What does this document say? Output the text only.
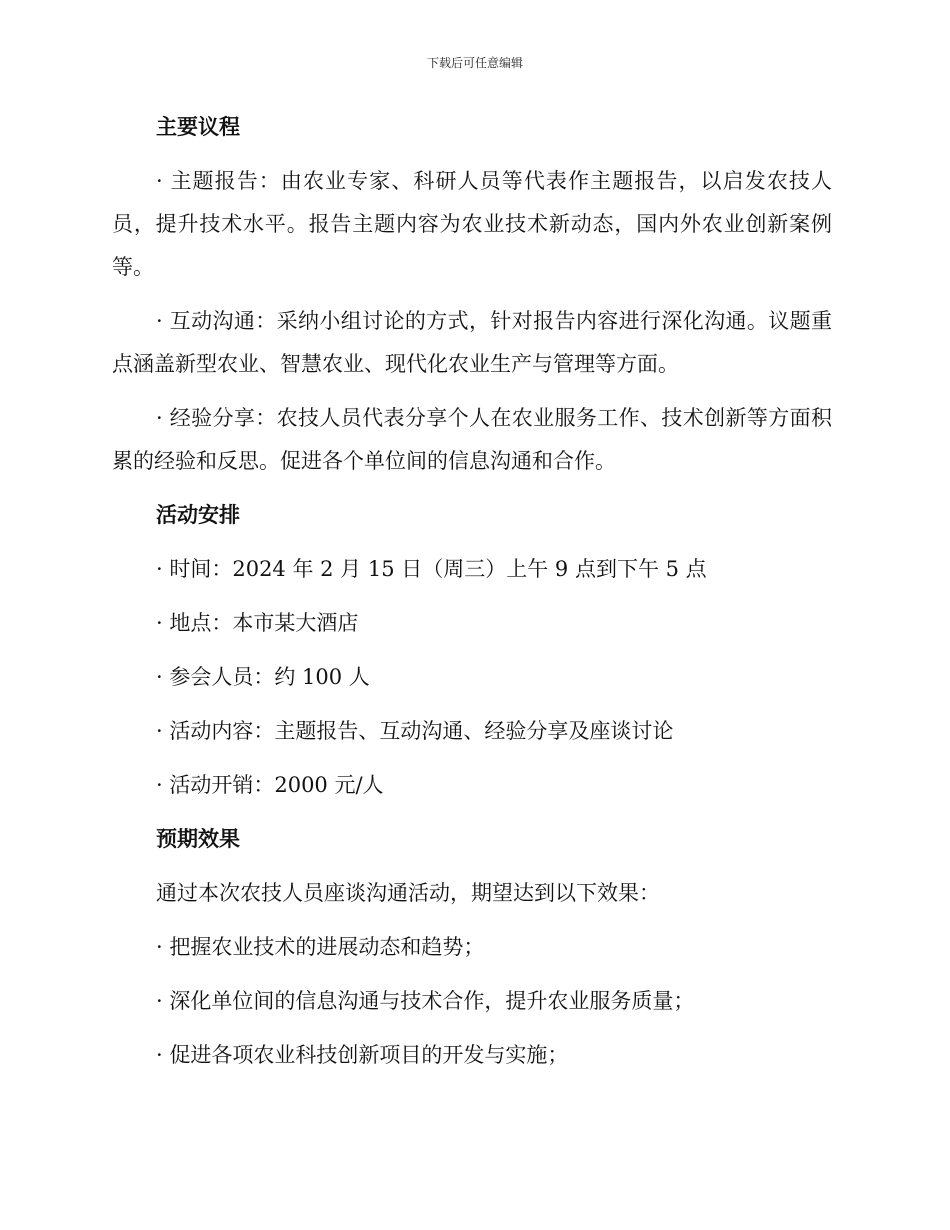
下载后可任意编辑
主要议程

· 主题报告：由农业专家、科研人员等代表作主题报告，以启发农技人员，提升技术水平。报告主题内容为农业技术新动态，国内外农业创新案例等。

· 互动沟通：采纳小组讨论的方式，针对报告内容进行深化沟通。议题重点涵盖新型农业、智慧农业、现代化农业生产与管理等方面。

· 经验分享：农技人员代表分享个人在农业服务工作、技术创新等方面积累的经验和反思。促进各个单位间的信息沟通和合作。

活动安排

· 时间：2024 年 2 月 15 日（周三）上午 9 点到下午 5 点

· 地点：本市某大酒店

· 参会人员：约 100 人

· 活动内容：主题报告、互动沟通、经验分享及座谈讨论

· 活动开销：2000 元/人

预期效果

通过本次农技人员座谈沟通活动，期望达到以下效果：

· 把握农业技术的进展动态和趋势；

· 深化单位间的信息沟通与技术合作，提升农业服务质量；

· 促进各项农业科技创新项目的开发与实施；
